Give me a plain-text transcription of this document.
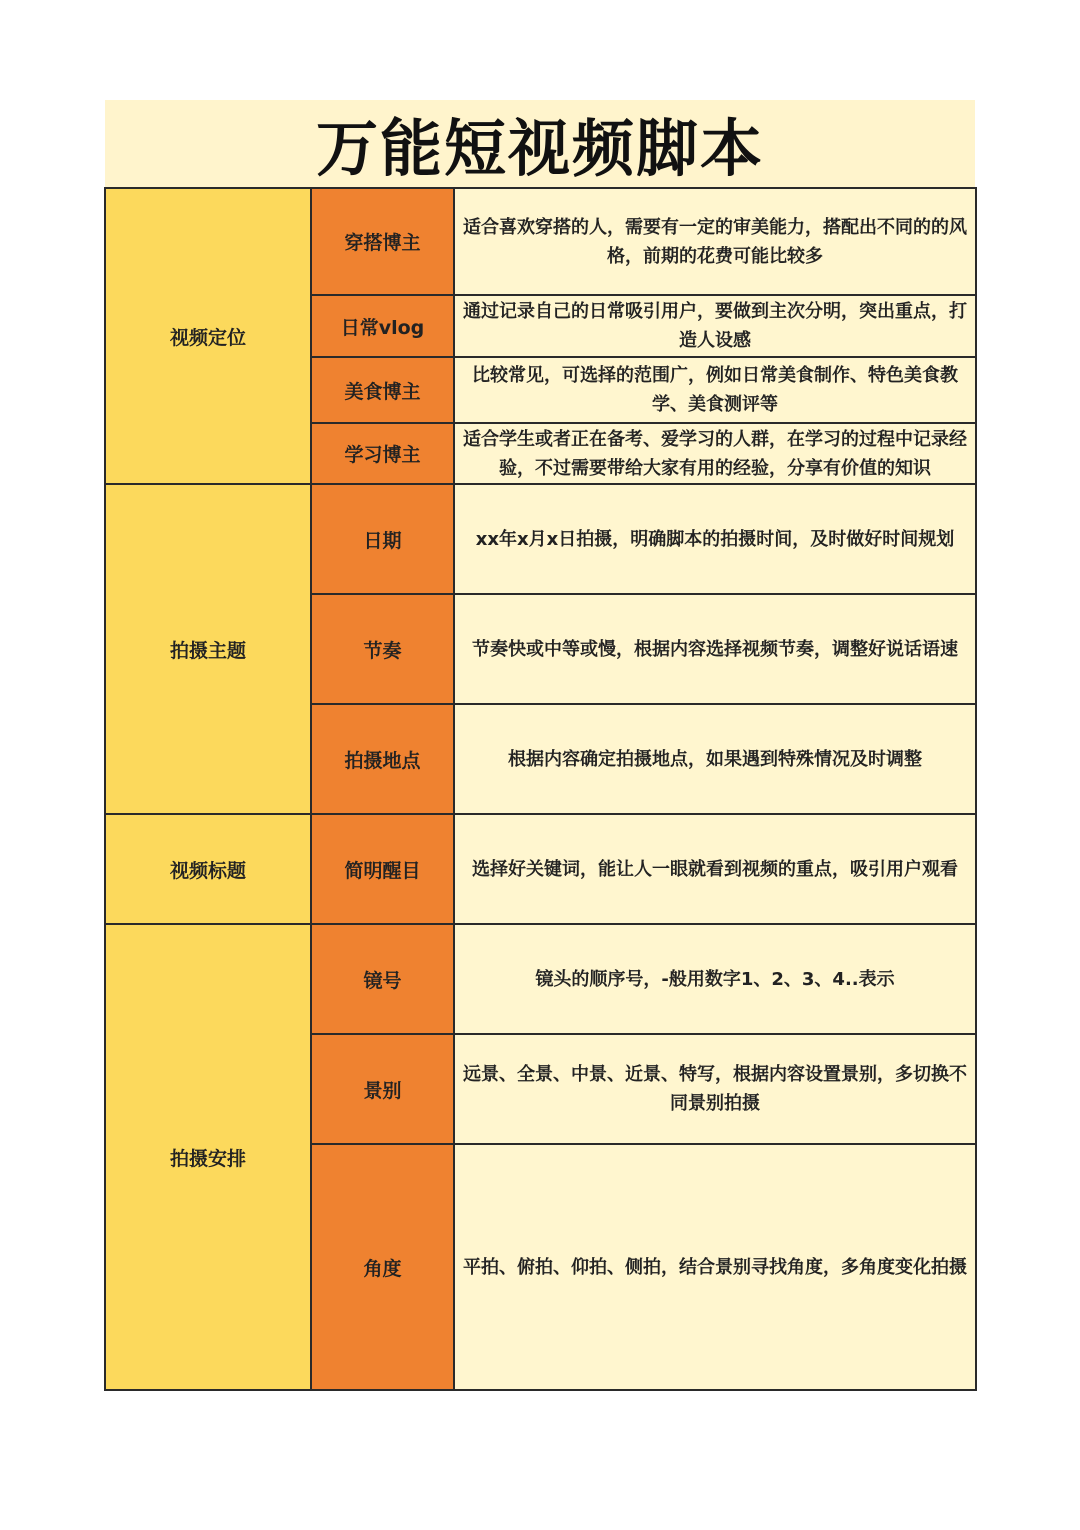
万能短视频脚本
视频定位	穿搭博主	适合喜欢穿搭的人，需要有一定的审美能力，搭配出不同的的风格，前期的花费可能比较多

	日常vlog	通过记录自己的日常吸引用户，要做到主次分明，突出重点，打造人设感

	美食博主	比较常见，可选择的范围广，例如日常美食制作、特色美食教学、美食测评等

	学习博主	适合学生或者正在备考、爱学习的人群，在学习的过程中记录经验，不过需要带给大家有用的经验，分享有价值的知识

拍摄主题	日期	xx年x月x日拍摄，明确脚本的拍摄时间，及时做好时间规划

	节奏	节奏快或中等或慢，根据内容选择视频节奏，调整好说话语速

	拍摄地点	根据内容确定拍摄地点，如果遇到特殊情况及时调整

视频标题	简明醒目	选择好关键词，能让人一眼就看到视频的重点，吸引用户观看

拍摄安排	镜号	镜头的顺序号，-般用数字1、2、3、4..表示

	景别	远景、全景、中景、近景、特写，根据内容设置景别，多切换不同景别拍摄

	角度	平拍、俯拍、仰拍、侧拍，结合景别寻找角度，多角度变化拍摄
